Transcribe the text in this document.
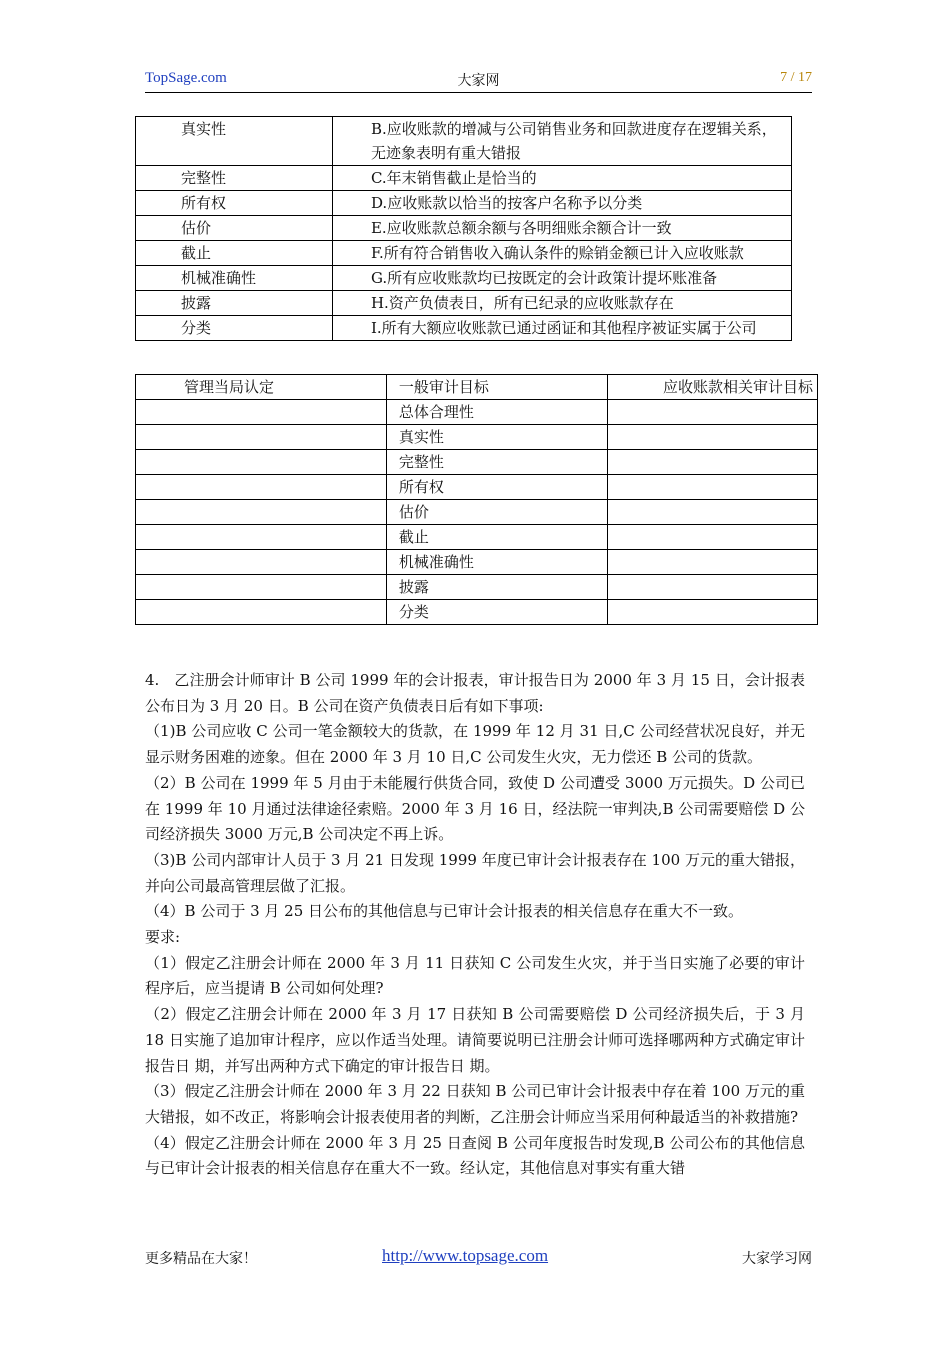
TopSage.com	大家网	7 / 17
真实性	B.应收账款的增减与公司销售业务和回款进度存在逻辑关系，无迹象表明有重大错报
完整性	C.年末销售截止是恰当的
所有权	D.应收账款以恰当的按客户名称予以分类
估价	E.应收账款总额余额与各明细账余额合计一致
截止	F.所有符合销售收入确认条件的赊销金额已计入应收账款
机械准确性	G.所有应收账款均已按既定的会计政策计提坏账准备
披露	H.资产负债表日，所有已纪录的应收账款存在
分类	I.所有大额应收账款已通过函证和其他程序被证实属于公司
管理当局认定	一般审计目标	应收账款相关审计目标
	总体合理性	
	真实性	
	完整性	
	所有权	
	估价	
	截止	
	机械准确性	
	披露	
	分类	

4.　乙注册会计师审计 B 公司 1999 年的会计报表，审计报告日为 2000 年 3 月 15 日，会计报表公布日为 3 月 20 日。B 公司在资产负债表日后有如下事项:

（1)B 公司应收 C 公司一笔金额较大的货款，在 1999 年 12 月 31 日,C 公司经营状况良好，并无显示财务困难的迹象。但在 2000 年 3 月 10 日,C 公司发生火灾，无力偿还 B 公司的货款。

（2）B 公司在 1999 年 5 月由于未能履行供货合同，致使 D 公司遭受 3000 万元损失。D 公司已在 1999 年 10 月通过法律途径索赔。2000 年 3 月 16 日，经法院一审判决,B 公司需要赔偿 D 公司经济损失 3000 万元,B 公司决定不再上诉。

（3)B 公司内部审计人员于 3 月 21 日发现 1999 年度已审计会计报表存在 100 万元的重大错报，并向公司最高管理层做了汇报。

（4）B 公司于 3 月 25 日公布的其他信息与已审计会计报表的相关信息存在重大不一致。

要求:

（1）假定乙注册会计师在 2000 年 3 月 11 日获知 C 公司发生火灾，并于当日实施了必要的审计程序后，应当提请 B 公司如何处理?

（2）假定乙注册会计师在 2000 年 3 月 17 日获知 B 公司需要赔偿 D 公司经济损失后，于 3 月 18 日实施了追加审计程序，应以作适当处理。请简要说明已注册会计师可选择哪两种方式确定审计报告日 期，并写出两种方式下确定的审计报告日 期。

（3）假定乙注册会计师在 2000 年 3 月 22 日获知 B 公司已审计会计报表中存在着 100 万元的重大错报，如不改正，将影响会计报表使用者的判断，乙注册会计师应当采用何种最适当的补救措施?

（4）假定乙注册会计师在 2000 年 3 月 25 日查阅 B 公司年度报告时发现,B 公司公布的其他信息与已审计会计报表的相关信息存在重大不一致。经认定，其他信息对事实有重大错

更多精品在大家！	http://www.topsage.com	大家学习网
